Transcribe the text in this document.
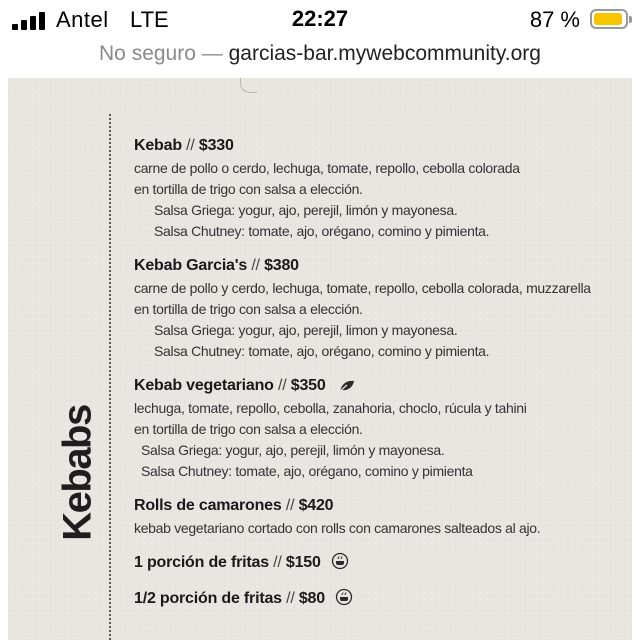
Antel LTE	22:27	87 %
No seguro — garcias-bar.mywebcommunity.org
Kebabs
Kebab // $330
carne de pollo o cerdo, lechuga, tomate, repollo, cebolla colorada
en tortilla de trigo con salsa a elección.
Salsa Griega: yogur, ajo, perejil, limón y mayonesa.
Salsa Chutney: tomate, ajo, orégano, comino y pimienta.
Kebab Garcia's // $380
carne de pollo y cerdo, lechuga, tomate, repollo, cebolla colorada, muzzarella
en tortilla de trigo con salsa a elección.
Salsa Griega: yogur, ajo, perejil, limon y mayonesa.
Salsa Chutney: tomate, ajo, orégano, comino y pimienta.
Kebab vegetariano // $350
lechuga, tomate, repollo, cebolla, zanahoria, choclo, rúcula y tahini
en tortilla de trigo con salsa a elección.
Salsa Griega: yogur, ajo, perejil, limón y mayonesa.
Salsa Chutney: tomate, ajo, orégano, comino y pimienta
Rolls de camarones // $420
kebab vegetariano cortado con rolls con camarones salteados al ajo.
1 porción de fritas // $150
1/2 porción de fritas // $80
